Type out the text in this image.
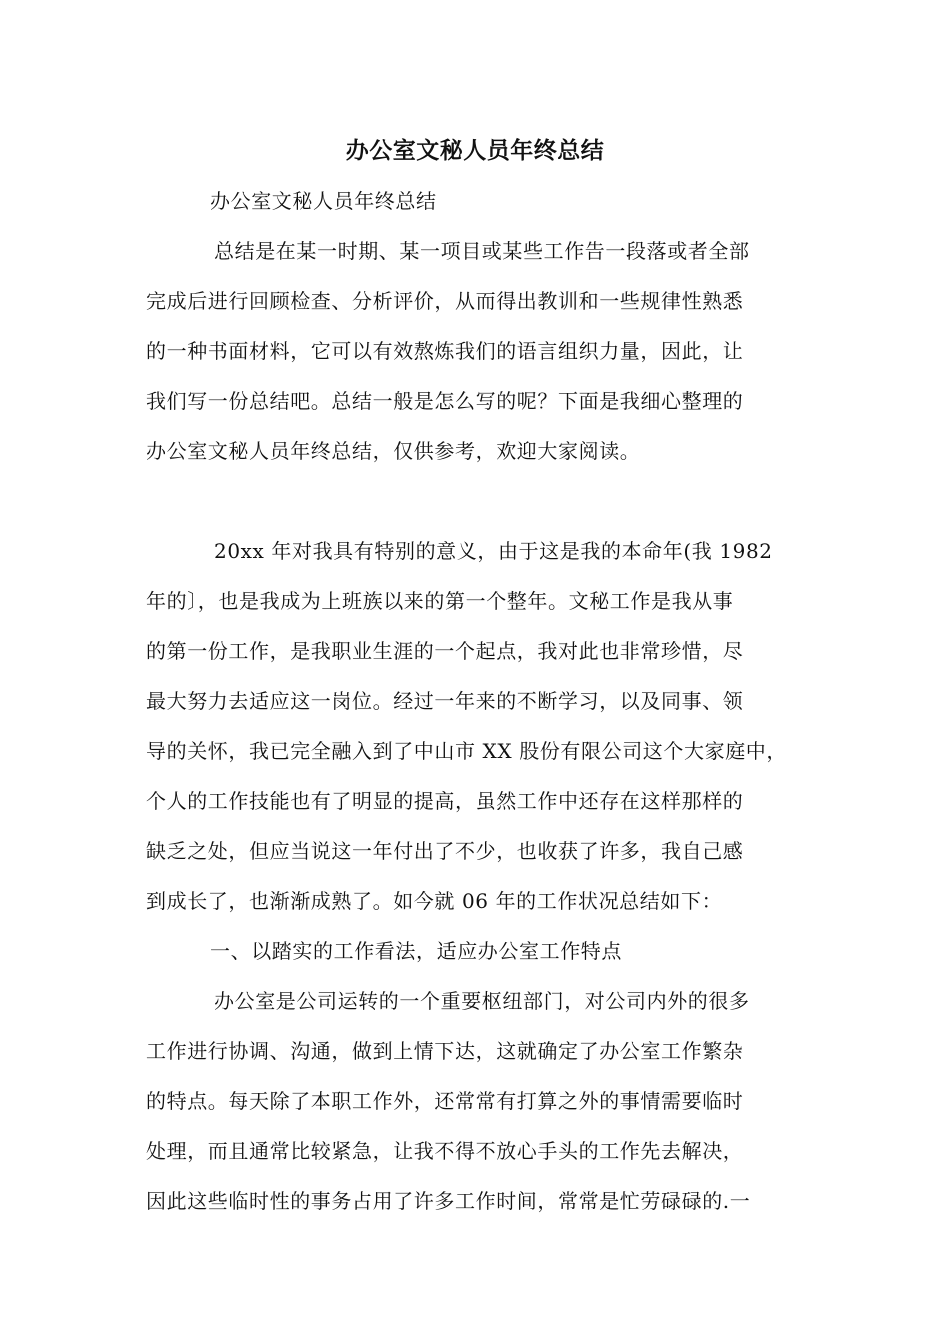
办公室文秘人员年终总结
办公室文秘人员年终总结
总结是在某一时期、某一项目或某些工作告一段落或者全部
完成后进行回顾检查、分析评价，从而得出教训和一些规律性熟悉
的一种书面材料，它可以有效熬炼我们的语言组织力量，因此，让
我们写一份总结吧。总结一般是怎么写的呢？下面是我细心整理的
办公室文秘人员年终总结，仅供参考，欢迎大家阅读。
20xx 年对我具有特别的意义，由于这是我的本命年(我 1982
年的〕，也是我成为上班族以来的第一个整年。文秘工作是我从事
的第一份工作，是我职业生涯的一个起点，我对此也非常珍惜，尽
最大努力去适应这一岗位。经过一年来的不断学习，以及同事、领
导的关怀，我已完全融入到了中山市 XX 股份有限公司这个大家庭中，
个人的工作技能也有了明显的提高，虽然工作中还存在这样那样的
缺乏之处，但应当说这一年付出了不少，也收获了许多，我自己感
到成长了，也渐渐成熟了。如今就 06 年的工作状况总结如下：
一、以踏实的工作看法，适应办公室工作特点
办公室是公司运转的一个重要枢纽部门，对公司内外的很多
工作进行协调、沟通，做到上情下达，这就确定了办公室工作繁杂
的特点。每天除了本职工作外，还常常有打算之外的事情需要临时
处理，而且通常比较紧急，让我不得不放心手头的工作先去解决，
因此这些临时性的事务占用了许多工作时间，常常是忙劳碌碌的.一
